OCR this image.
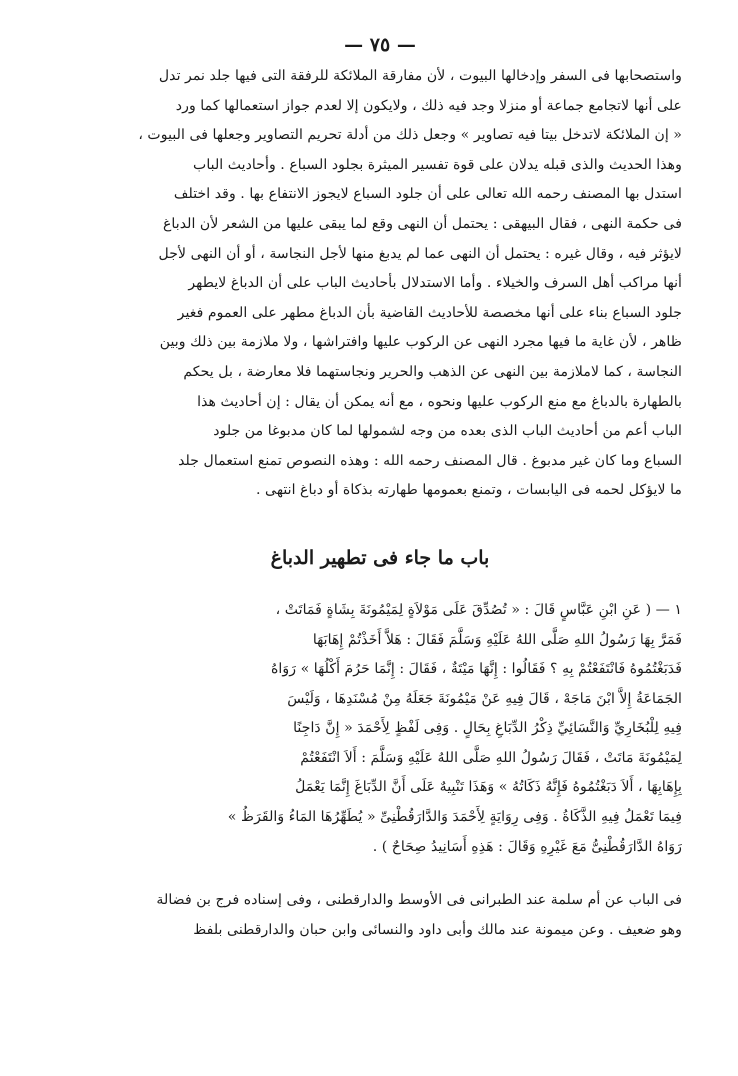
— ٧٥ —

واستصحابها فى السفر وإدخالها البيوت ، لأن مفارقة الملائكة للرفقة التى فيها جلد نمر تدل

على أنها لاتجامع جماعة أو منزلا وجد فيه ذلك ، ولايكون إلا لعدم جواز استعمالها كما ورد

« إن الملائكة لاتدخل بيتا فيه تصاوير » وجعل ذلك من أدلة تحريم التصاوير وجعلها فى البيوت ،

وهذا الحديث والذى قبله يدلان على قوة تفسير الميثرة بجلود السباع . وأحاديث الباب

استدل بها المصنف رحمه الله تعالى على أن جلود السباع لايجوز الانتفاع بها . وقد اختلف

فى حكمة النهى ، فقال البيهقى : يحتمل أن النهى وقع لما يبقى عليها من الشعر لأن الدباغ

لايؤثر فيه ، وقال غيره : يحتمل أن النهى عما لم يدبغ منها لأجل النجاسة ، أو أن النهى لأجل

أنها مراكب أهل السرف والخيلاء . وأما الاستدلال بأحاديث الباب على أن الدباغ لايطهر

جلود السباع بناء على أنها مخصصة للأحاديث القاضية بأن الدباغ مطهر على العموم فغير

ظاهر ، لأن غاية ما فيها مجرد النهى عن الركوب عليها وافتراشها ، ولا ملازمة بين ذلك وبين

النجاسة ، كما لاملازمة بين النهى عن الذهب والحرير ونجاستهما فلا معارضة ، بل يحكم

بالطهارة بالدباغ مع منع الركوب عليها ونحوه ، مع أنه يمكن أن يقال : إن أحاديث هذا

الباب أعم من أحاديث الباب الذى بعده من وجه لشمولها لما كان مدبوغا من جلود

السباع وما كان غير مدبوغ . قال المصنف رحمه الله : وهذه النصوص تمنع استعمال جلد

ما لايؤكل لحمه فى اليابسات ، وتمنع بعمومها طهارته بذكاة أو دباغ انتهى .

باب ما جاء فى تطهير الدباغ

١ — ( عَنِ ابْنِ عَبَّاسٍ قَالَ : « تُصُدِّقَ عَلَى مَوْلاَةٍ لِمَيْمُونَةَ بِشَاةٍ فَمَاتَتْ ،

فَمَرَّ بِهَا رَسُولُ اللهِ صَلَّى اللهُ عَلَيْهِ وَسَلَّمَ فَقَالَ : هَلاَّ أَخَذْتُمْ إِهَابَهَا

فَدَبَغْتُمُوهُ فَانْتَفَعْتُمْ بِهِ ؟ فَقَالُوا : إِنَّهَا مَيْتَةٌ ، فَقَالَ : إِنَّمَا حَرُمَ أَكْلُهَا » رَوَاهُ

الجَمَاعَةُ إِلاَّ ابْنَ مَاجَهْ ، قَالَ فِيهِ عَنْ مَيْمُونَةَ جَعَلَهُ مِنْ مُسْنَدِهَا ، وَلَيْسَ

فِيهِ لِلْبُخَارِيِّ وَالنَّسَائِيِّ ذِكْرُ الدِّبَاغِ بِحَالٍ . وَفِى لَفْظٍ لِأَحْمَدَ « إِنَّ دَاجِنًا

لِمَيْمُونَةَ مَاتَتْ ، فَقَالَ رَسُولُ اللهِ صَلَّى اللهُ عَلَيْهِ وَسَلَّمَ : أَلاَ انْتَفَعْتُمْ

بِإِهَابِهَا ، أَلاَ دَبَغْتُمُوهُ فَإِنَّهُ ذَكَاتُهُ » وَهَذَا تَنْبِيهٌ عَلَى أَنَّ الدِّبَاغَ إِنَّمَا يَعْمَلُ

فِيمَا تَعْمَلُ فِيهِ الذَّكَاةُ . وَفِى رِوَايَةٍ لِأَحْمَدَ وَالدَّارَقُطْنِىِّ « يُطَهِّرُهَا المَاءُ وَالقَرَظُ »

رَوَاهُ الدَّارَقُطْنِىُّ مَعَ غَيْرِهِ وَقَالَ : هَذِهِ أَسَانِيدُ صِحَاحٌ ) .

فى الباب عن أم سلمة عند الطبرانى فى الأوسط والدارقطنى ، وفى إسناده فرج بن فضالة

وهو ضعيف . وعن ميمونة عند مالك وأبى داود والنسائى وابن حبان والدارقطنى بلفظ
